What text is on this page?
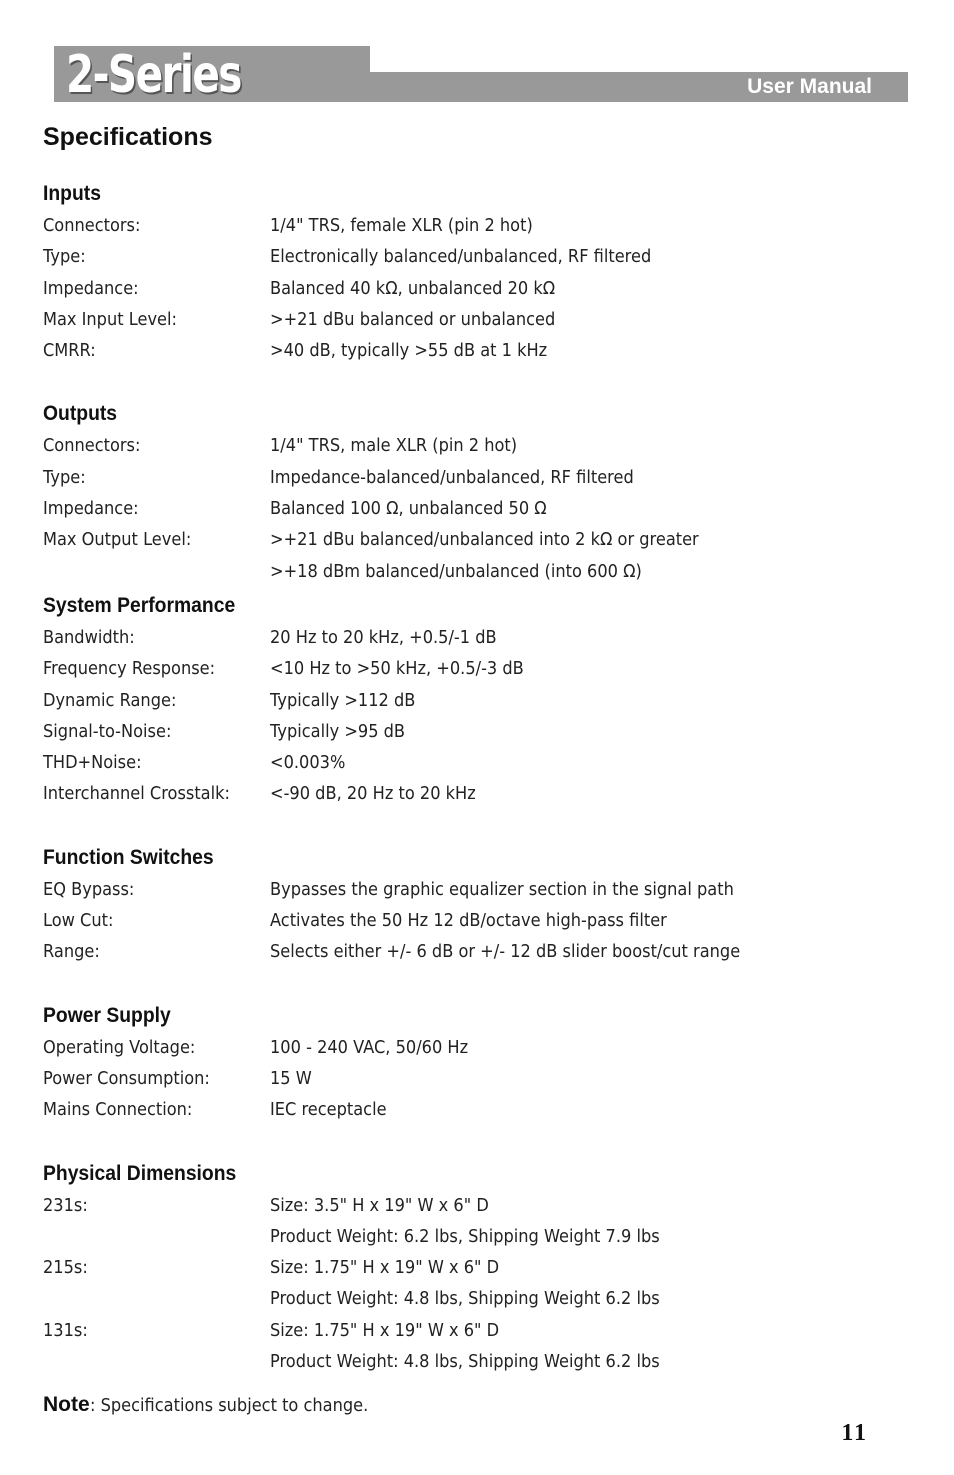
2-Series	User Manual
Specifications
Inputs
Connectors:	1/4" TRS, female XLR (pin 2 hot)
Type:	Electronically balanced/unbalanced, RF filtered
Impedance:	Balanced 40 kΩ, unbalanced 20 kΩ
Max Input Level:	>+21 dBu balanced or unbalanced
CMRR:	>40 dB, typically >55 dB at 1 kHz
Outputs
Connectors:	1/4" TRS, male XLR (pin 2 hot)
Type:	Impedance-balanced/unbalanced, RF filtered
Impedance:	Balanced 100 Ω, unbalanced 50 Ω
Max Output Level:	>+21 dBu balanced/unbalanced into 2 kΩ or greater
>+18 dBm balanced/unbalanced (into 600 Ω)
System Performance
Bandwidth:	20 Hz to 20 kHz, +0.5/-1 dB
Frequency Response:	<10 Hz to >50 kHz, +0.5/-3 dB
Dynamic Range:	Typically >112 dB
Signal-to-Noise:	Typically >95 dB
THD+Noise:	<0.003%
Interchannel Crosstalk:	<-90 dB, 20 Hz to 20 kHz
Function Switches
EQ Bypass:	Bypasses the graphic equalizer section in the signal path
Low Cut:	Activates the 50 Hz 12 dB/octave high-pass filter
Range:	Selects either +/- 6 dB or +/- 12 dB slider boost/cut range
Power Supply
Operating Voltage:	100 - 240 VAC, 50/60 Hz
Power Consumption:	15 W
Mains Connection:	IEC receptacle
Physical Dimensions
231s:	Size: 3.5" H x 19" W x 6" D
Product Weight: 6.2 lbs, Shipping Weight 7.9 lbs
215s:	Size: 1.75" H x 19" W x 6" D
Product Weight: 4.8 lbs, Shipping Weight 6.2 lbs
131s:	Size: 1.75" H x 19" W x 6" D
Product Weight: 4.8 lbs, Shipping Weight 6.2 lbs
Note: Specifications subject to change.
11
